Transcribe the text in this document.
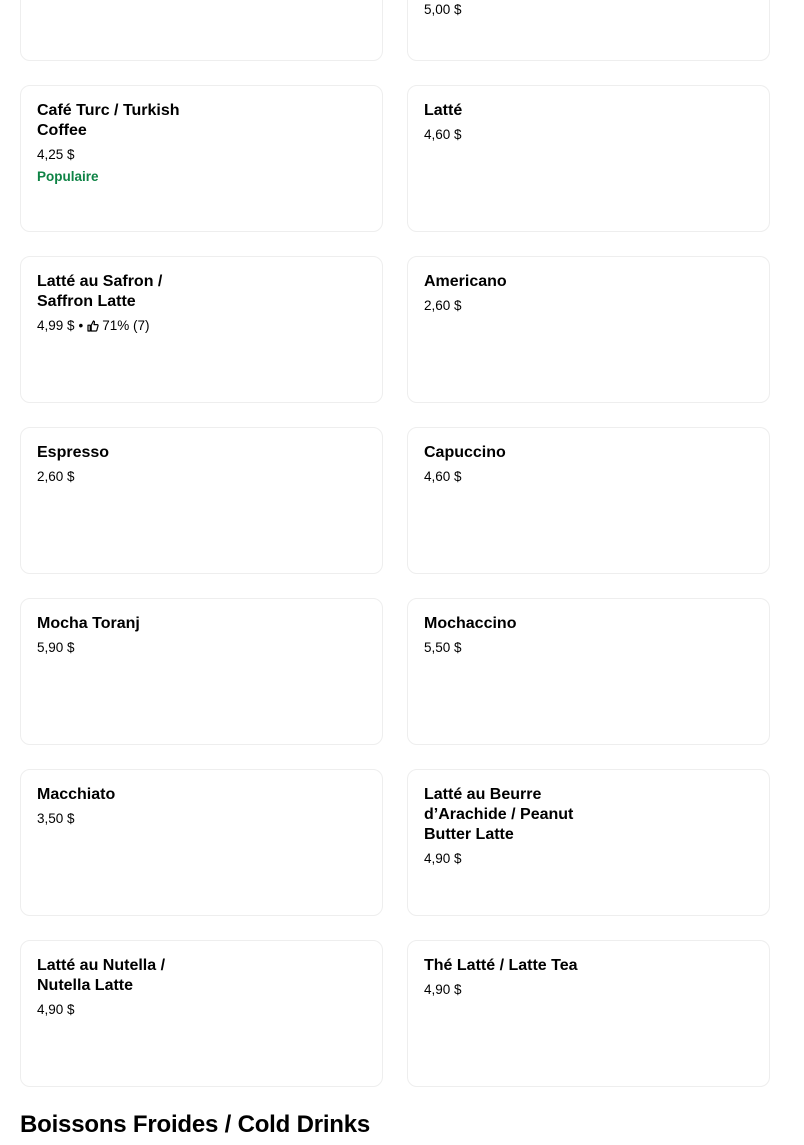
5,00 $

Café Turc / Turkish Coffee

4,25 $
Populaire

Latté

4,60 $

Latté au Safron / Saffron Latte

4,99 $ • 71% (7)

Americano

2,60 $

Espresso

2,60 $

Capuccino

4,60 $

Mocha Toranj

5,90 $

Mochaccino

5,50 $

Macchiato

3,50 $

Latté au Beurre d’Arachide / Peanut Butter Latte

4,90 $

Latté au Nutella / Nutella Latte

4,90 $

Thé Latté / Latte Tea

4,90 $
Boissons Froides / Cold Drinks
